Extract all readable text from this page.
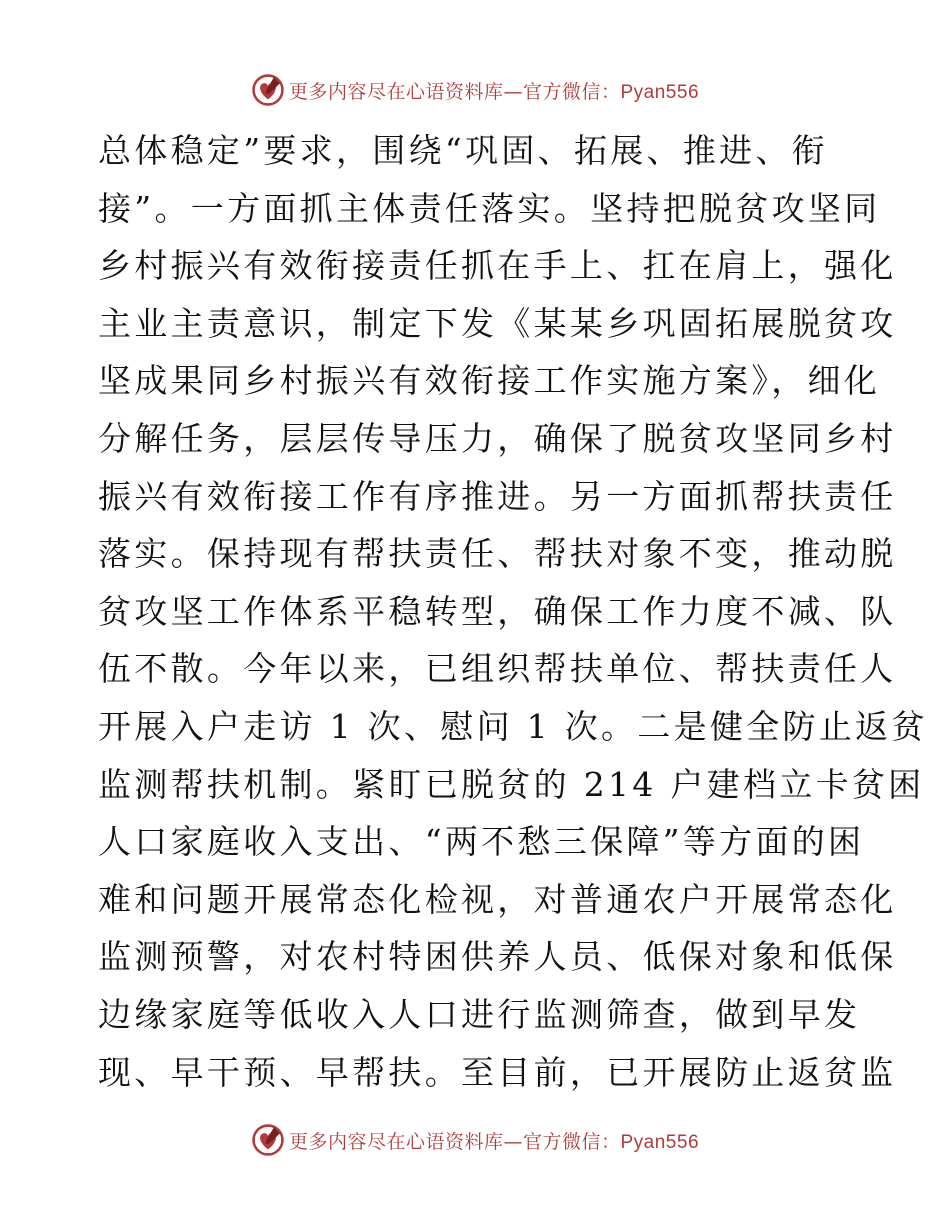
更多内容尽在心语资料库—官方微信：Pyan556
总体稳定”要求，围绕“巩固、拓展、推进、衔
接”。一方面抓主体责任落实。坚持把脱贫攻坚同
乡村振兴有效衔接责任抓在手上、扛在肩上，强化
主业主责意识，制定下发《某某乡巩固拓展脱贫攻
坚成果同乡村振兴有效衔接工作实施方案》，细化
分解任务，层层传导压力，确保了脱贫攻坚同乡村
振兴有效衔接工作有序推进。另一方面抓帮扶责任
落实。保持现有帮扶责任、帮扶对象不变，推动脱
贫攻坚工作体系平稳转型，确保工作力度不减、队
伍不散。今年以来，已组织帮扶单位、帮扶责任人
开展入户走访 1 次、慰问 1 次。二是健全防止返贫
监测帮扶机制。紧盯已脱贫的 214 户建档立卡贫困
人口家庭收入支出、“两不愁三保障”等方面的困
难和问题开展常态化检视，对普通农户开展常态化
监测预警，对农村特困供养人员、低保对象和低保
边缘家庭等低收入人口进行监测筛查，做到早发
现、早干预、早帮扶。至目前，已开展防止返贫监
更多内容尽在心语资料库—官方微信：Pyan556
